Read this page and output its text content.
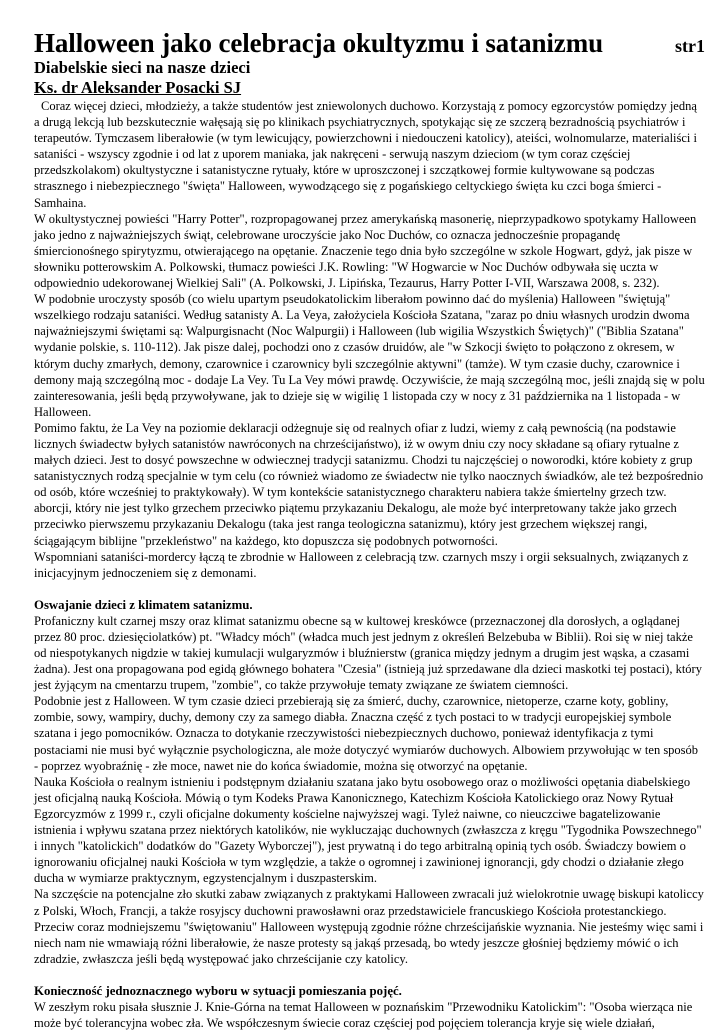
Halloween jako celebracja okultyzmu i satanizmu	str1
Diabelskie sieci na nasze dzieci
Ks. dr Aleksander Posacki SJ

Coraz więcej dzieci, młodzieży, a także studentów jest zniewolonych duchowo. Korzystają z pomocy egzorcystów pomiędzy jedną a drugą lekcją lub bezskutecznie wałęsają się po klinikach psychiatrycznych, spotykając się ze szczerą bezradnością psychiatrów i terapeutów. Tymczasem liberałowie (w tym lewicujący, powierzchowni i niedouczeni katolicy), ateiści, wolnomularze, materialiści i sataniści - wszyscy zgodnie i od lat z uporem maniaka, jak nakręceni - serwują naszym dzieciom (w tym coraz częściej przedszkolakom) okultystyczne i satanistyczne rytuały, które w uproszczonej i szczątkowej formie kultywowane są podczas strasznego i niebezpiecznego "święta" Halloween, wywodzącego się z pogańskiego celtyckiego święta ku czci boga śmierci - Samhaina.

W okultystycznej powieści "Harry Potter", rozpropagowanej przez amerykańską masonerię, nieprzypadkowo spotykamy Halloween jako jedno z najważniejszych świąt, celebrowane uroczyście jako Noc Duchów, co oznacza jednocześnie propagandę śmiercionośnego spirytyzmu, otwierającego na opętanie. Znaczenie tego dnia było szczególne w szkole Hogwart, gdyż, jak pisze w słowniku potterowskim A. Polkowski, tłumacz powieści J.K. Rowling: "W Hogwarcie w Noc Duchów odbywała się uczta w odpowiednio udekorowanej Wielkiej Sali" (A. Polkowski, J. Lipińska, Tezaurus, Harry Potter I-VII, Warszawa 2008, s. 232).

W podobnie uroczysty sposób (co wielu upartym pseudokatolickim liberałom powinno dać do myślenia) Halloween "świętują" wszelkiego rodzaju sataniści. Według satanisty A. La Veya, założyciela Kościoła Szatana, "zaraz po dniu własnych urodzin dwoma najważniejszymi świętami są: Walpurgisnacht (Noc Walpurgii) i Halloween (lub wigilia Wszystkich Świętych)" ("Biblia Szatana" wydanie polskie, s. 110-112). Jak pisze dalej, pochodzi ono z czasów druidów, ale "w Szkocji święto to połączono z okresem, w którym duchy zmarłych, demony, czarownice i czarownicy byli szczególnie aktywni" (tamże). W tym czasie duchy, czarownice i demony mają szczególną moc - dodaje La Vey. Tu La Vey mówi prawdę. Oczywiście, że mają szczególną moc, jeśli znajdą się w polu zainteresowania, jeśli będą przywoływane, jak to dzieje się w wigilię 1 listopada czy w nocy z 31 października na 1 listopada - w Halloween.

Pomimo faktu, że La Vey na poziomie deklaracji odżegnuje się od realnych ofiar z ludzi, wiemy z całą pewnością (na podstawie licznych świadectw byłych satanistów nawróconych na chrześcijaństwo), iż w owym dniu czy nocy składane są ofiary rytualne z małych dzieci. Jest to dosyć powszechne w odwiecznej tradycji satanizmu. Chodzi tu najczęściej o noworodki, które kobiety z grup satanistycznych rodzą specjalnie w tym celu (co również wiadomo ze świadectw nie tylko naocznych świadków, ale też bezpośrednio od osób, które wcześniej to praktykowały). W tym kontekście satanistycznego charakteru nabiera także śmiertelny grzech tzw. aborcji, który nie jest tylko grzechem przeciwko piątemu przykazaniu Dekalogu, ale może być interpretowany także jako grzech przeciwko pierwszemu przykazaniu Dekalogu (taka jest ranga teologiczna satanizmu), który jest grzechem większej rangi, ściągającym biblijne "przekleństwo" na każdego, kto dopuszcza się podobnych potworności.

Wspomniani sataniści-mordercy łączą te zbrodnie w Halloween z celebracją tzw. czarnych mszy i orgii seksualnych, związanych z inicjacyjnym jednoczeniem się z demonami.

Oswajanie dzieci z klimatem satanizmu.

Profaniczny kult czarnej mszy oraz klimat satanizmu obecne są w kultowej kreskówce (przeznaczonej dla dorosłych, a oglądanej przez 80 proc. dziesięciolatków) pt. "Władcy móch" (władca much jest jednym z określeń Belzebuba w Biblii). Roi się w niej także od niespotykanych nigdzie w takiej kumulacji wulgaryzmów i bluźnierstw (granica między jednym a drugim jest wąska, a czasami żadna). Jest ona propagowana pod egidą głównego bohatera "Czesia" (istnieją już sprzedawane dla dzieci maskotki tej postaci), który jest żyjącym na cmentarzu trupem, "zombie", co także przywołuje tematy związane ze światem ciemności.

Podobnie jest z Halloween. W tym czasie dzieci przebierają się za śmierć, duchy, czarownice, nietoperze, czarne koty, gobliny, zombie, sowy, wampiry, duchy, demony czy za samego diabła. Znaczna część z tych postaci to w tradycji europejskiej symbole szatana i jego pomocników. Oznacza to dotykanie rzeczywistości niebezpiecznych duchowo, ponieważ identyfikacja z tymi postaciami nie musi być wyłącznie psychologiczna, ale może dotyczyć wymiarów duchowych. Albowiem przywołując w ten sposób - poprzez wyobraźnię - złe moce, nawet nie do końca świadomie, można się otworzyć na opętanie.

Nauka Kościoła o realnym istnieniu i podstępnym działaniu szatana jako bytu osobowego oraz o możliwości opętania diabelskiego jest oficjalną nauką Kościoła. Mówią o tym Kodeks Prawa Kanonicznego, Katechizm Kościoła Katolickiego oraz Nowy Rytuał Egzorcyzmów z 1999 r., czyli oficjalne dokumenty kościelne najwyższej wagi. Tyleż naiwne, co nieuczciwe bagatelizowanie istnienia i wpływu szatana przez niektórych katolików, nie wykluczając duchownych (zwłaszcza z kręgu "Tygodnika Powszechnego" i innych "katolickich" dodatków do "Gazety Wyborczej"), jest prywatną i do tego arbitralną opinią tych osób. Świadczy bowiem o ignorowaniu oficjalnej nauki Kościoła w tym względzie, a także o ogromnej i zawinionej ignorancji, gdy chodzi o działanie złego ducha w wymiarze praktycznym, egzystencjalnym i duszpasterskim.

Na szczęście na potencjalne zło skutki zabaw związanych z praktykami Halloween zwracali już wielokrotnie uwagę biskupi katoliccy z Polski, Włoch, Francji, a także rosyjscy duchowni prawosławni oraz przedstawiciele francuskiego Kościoła protestanckiego. Przeciw coraz modniejszemu "świętowaniu" Halloween występują zgodnie różne chrześcijańskie wyznania. Nie jesteśmy więc sami i niech nam nie wmawiają różni liberałowie, że nasze protesty są jakąś przesadą, bo wtedy jeszcze głośniej będziemy mówić o ich zdradzie, zwłaszcza jeśli będą występować jako chrześcijanie czy katolicy.

Konieczność jednoznacznego wyboru w sytuacji pomieszania pojęć.

W zeszłym roku pisała słusznie J. Knie-Górna na temat Halloween w poznańskim "Przewodniku Katolickim": "Osoba wierząca nie może być tolerancyjna wobec zła. We współczesnym świecie coraz częściej pod pojęciem tolerancja kryje się wiele działań,
